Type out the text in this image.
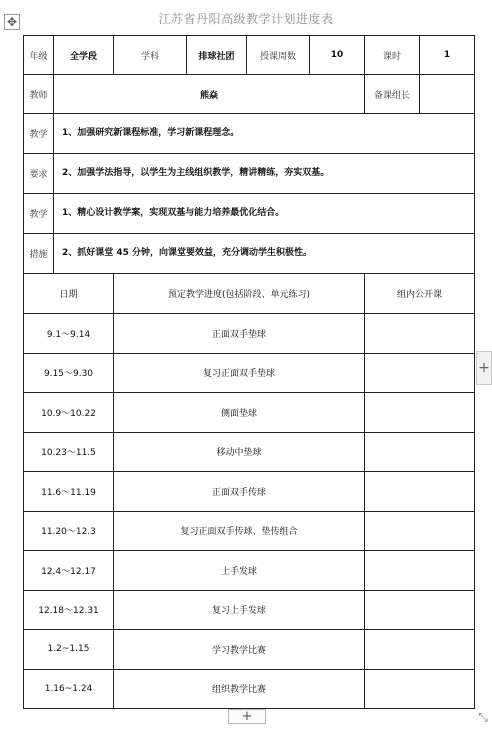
✥	江苏省丹阳高级教学计划进度表
年级	全学段	学科	排球社团	授课周数	10	课时	1
教师	熊焱					备课组长	
教学	1、加强研究新课程标准，学习新课程理念。						
要求	2、加强学法指导，以学生为主线组织教学，精讲精练，夯实双基。						
教学	1、精心设计教学案，实现双基与能力培养最优化结合。						
措施	2、抓好课堂 45 分钟，向课堂要效益，充分调动学生积极性。						
日期		预定教学进度(包括阶段、单元练习)				组内公开课	
9.1～9.14		正面双手垫球					
9.15～9.30		复习正面双手垫球					
10.9～10.22		侧面垫球					
10.23～11.5		移动中垫球					
11.6～11.19		正面双手传球					
11.20～12.3		复习正面双手传球、垫传组合					
12.4～12.17		上手发球					
12.18～12.31		复习上手发球					
1.2~1.15		学习教学比赛					
1.16~1.24		组织教学比赛					
+
+	⤡
